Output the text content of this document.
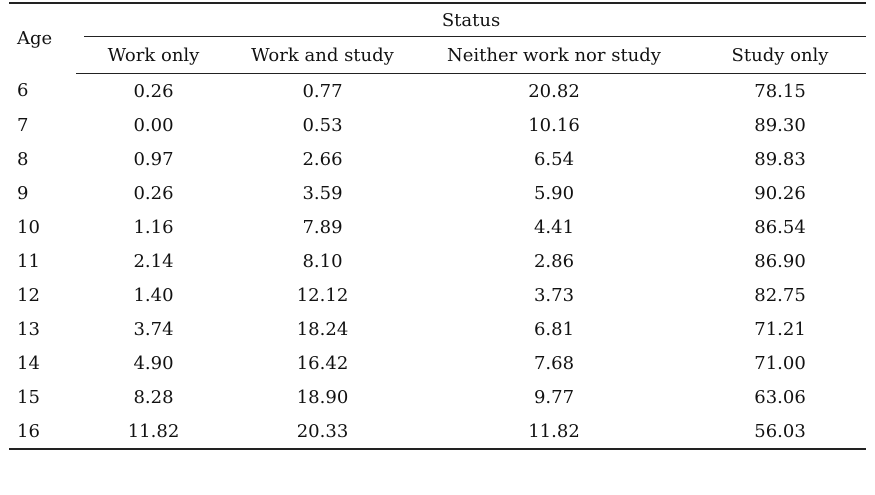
Age	Status			

	Work only	Work and study	Neither work nor study	Study only
6	0.26	0.77	20.82	78.15
7	0.00	0.53	10.16	89.30
8	0.97	2.66	6.54	89.83
9	0.26	3.59	5.90	90.26
10	1.16	7.89	4.41	86.54
11	2.14	8.10	2.86	86.90
12	1.40	12.12	3.73	82.75
13	3.74	18.24	6.81	71.21
14	4.90	16.42	7.68	71.00
15	8.28	18.90	9.77	63.06
16	11.82	20.33	11.82	56.03
